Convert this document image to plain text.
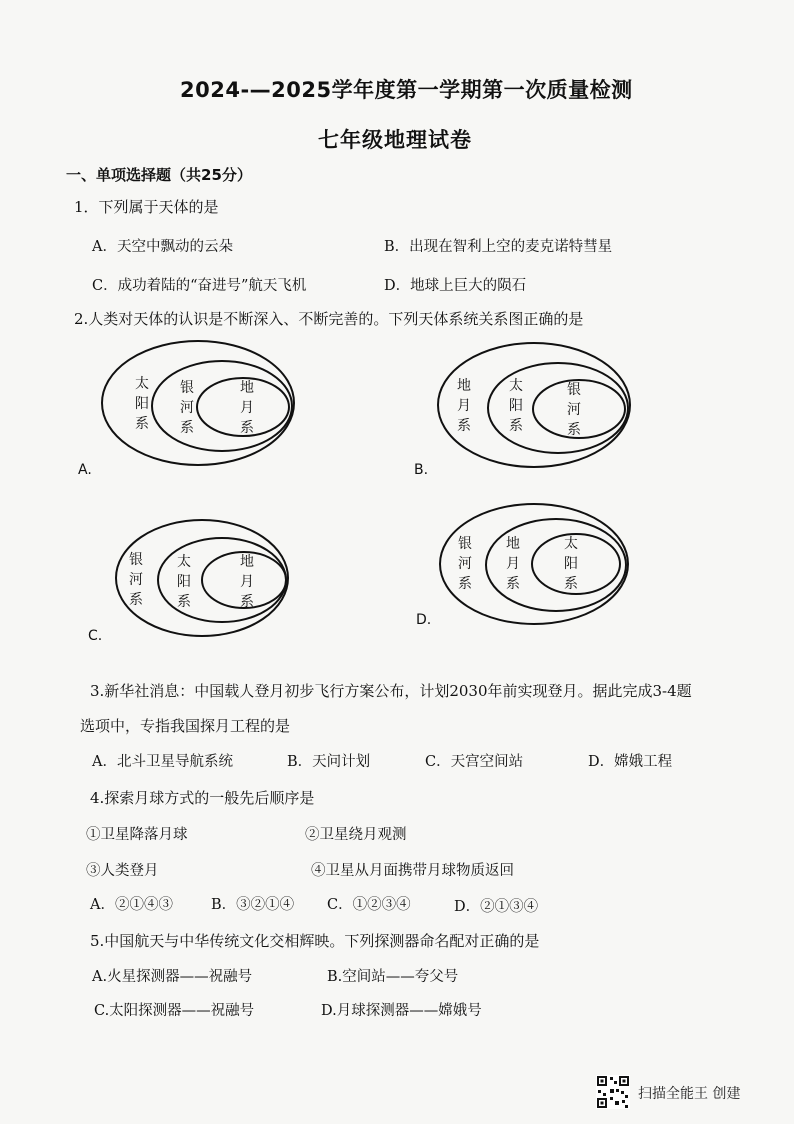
2024-—2025学年度第一学期第一次质量检测
七年级地理试卷
一、单项选择题（共25分）
1．下列属于天体的是
A．天空中飘动的云朵	B．出现在智利上空的麦克诺特彗星
C．成功着陆的“奋进号”航天飞机	D．地球上巨大的陨石
2.人类对天体的认识是不断深入、不断完善的。下列天体系统关系图正确的是
太阳系
银河系
地月系
A.
地月系
太阳系
银河系
B.
银河系
太阳系
地月系
C.
银河系
地月系
太阳系
D.
3.新华社消息：中国载人登月初步飞行方案公布，计划2030年前实现登月。据此完成3-4题
选项中，专指我国探月工程的是
A．北斗卫星导航系统	B．天问计划	C．天宫空间站	D．嫦娥工程
4.探索月球方式的一般先后顺序是
①卫星降落月球	②卫星绕月观测
③人类登月	④卫星从月面携带月球物质返回
A．②①④③	B．③②①④ C．①②③④	D．②①③④
5.中国航天与中华传统文化交相辉映。下列探测器命名配对正确的是
A.火星探测器——祝融号	B.空间站——夸父号
C.太阳探测器——祝融号	D.月球探测器——嫦娥号
扫描全能王 创建
